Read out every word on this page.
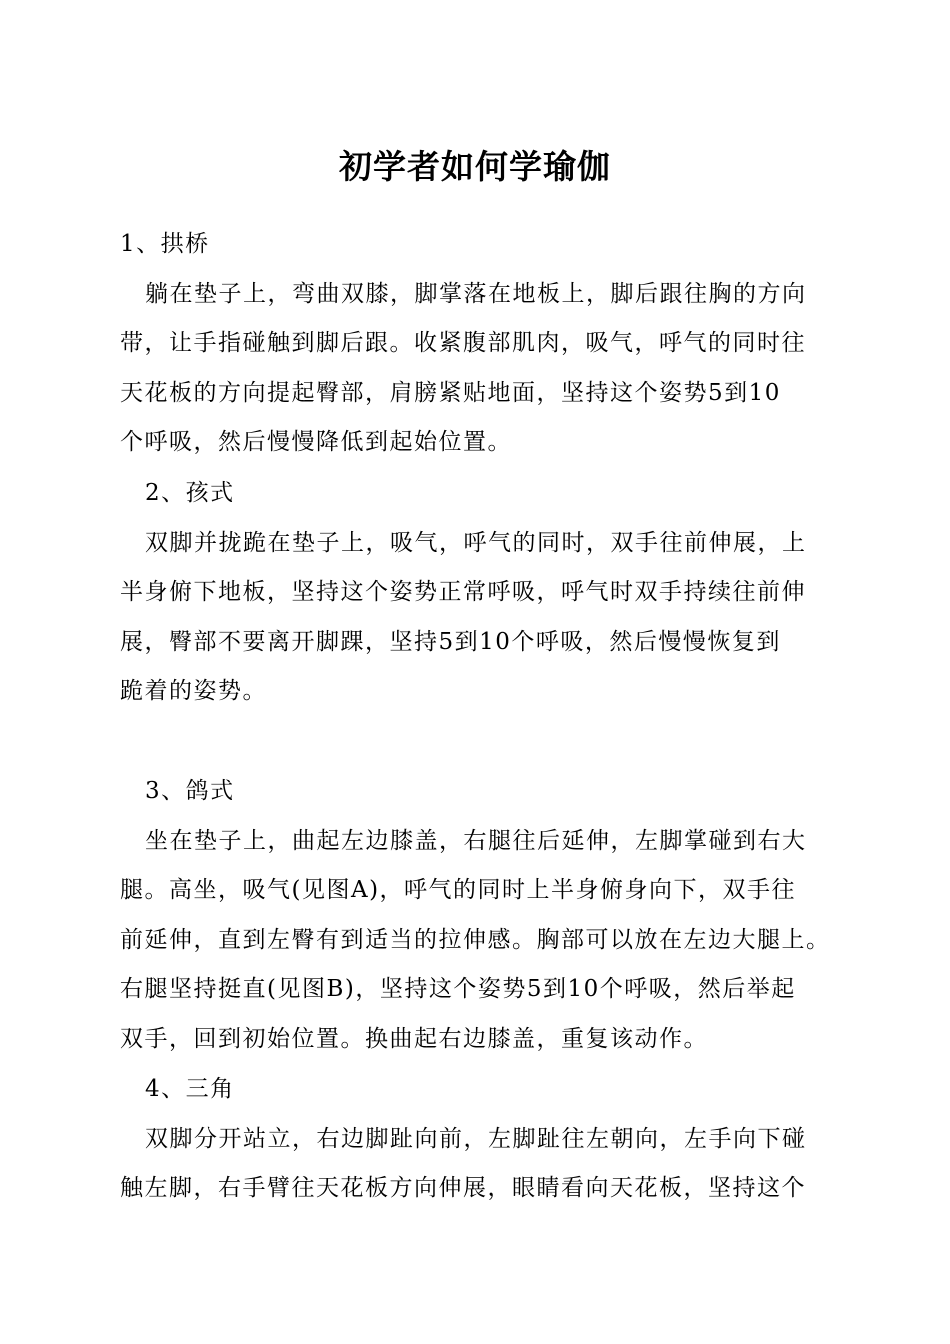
初学者如何学瑜伽
1、拱桥
躺在垫子上，弯曲双膝，脚掌落在地板上，脚后跟往胸的方向
带，让手指碰触到脚后跟。收紧腹部肌肉，吸气，呼气的同时往
天花板的方向提起臀部，肩膀紧贴地面，坚持这个姿势5到10
个呼吸，然后慢慢降低到起始位置。
2、孩式
双脚并拢跪在垫子上，吸气，呼气的同时，双手往前伸展，上
半身俯下地板，坚持这个姿势正常呼吸，呼气时双手持续往前伸
展，臀部不要离开脚踝，坚持5到10个呼吸，然后慢慢恢复到
跪着的姿势。
3、鸽式
坐在垫子上，曲起左边膝盖，右腿往后延伸，左脚掌碰到右大
腿。高坐，吸气(见图A)，呼气的同时上半身俯身向下，双手往
前延伸，直到左臀有到适当的拉伸感。胸部可以放在左边大腿上。
右腿坚持挺直(见图B)，坚持这个姿势5到10个呼吸，然后举起
双手，回到初始位置。换曲起右边膝盖，重复该动作。
4、三角
双脚分开站立，右边脚趾向前，左脚趾往左朝向，左手向下碰
触左脚，右手臂往天花板方向伸展，眼睛看向天花板，坚持这个
